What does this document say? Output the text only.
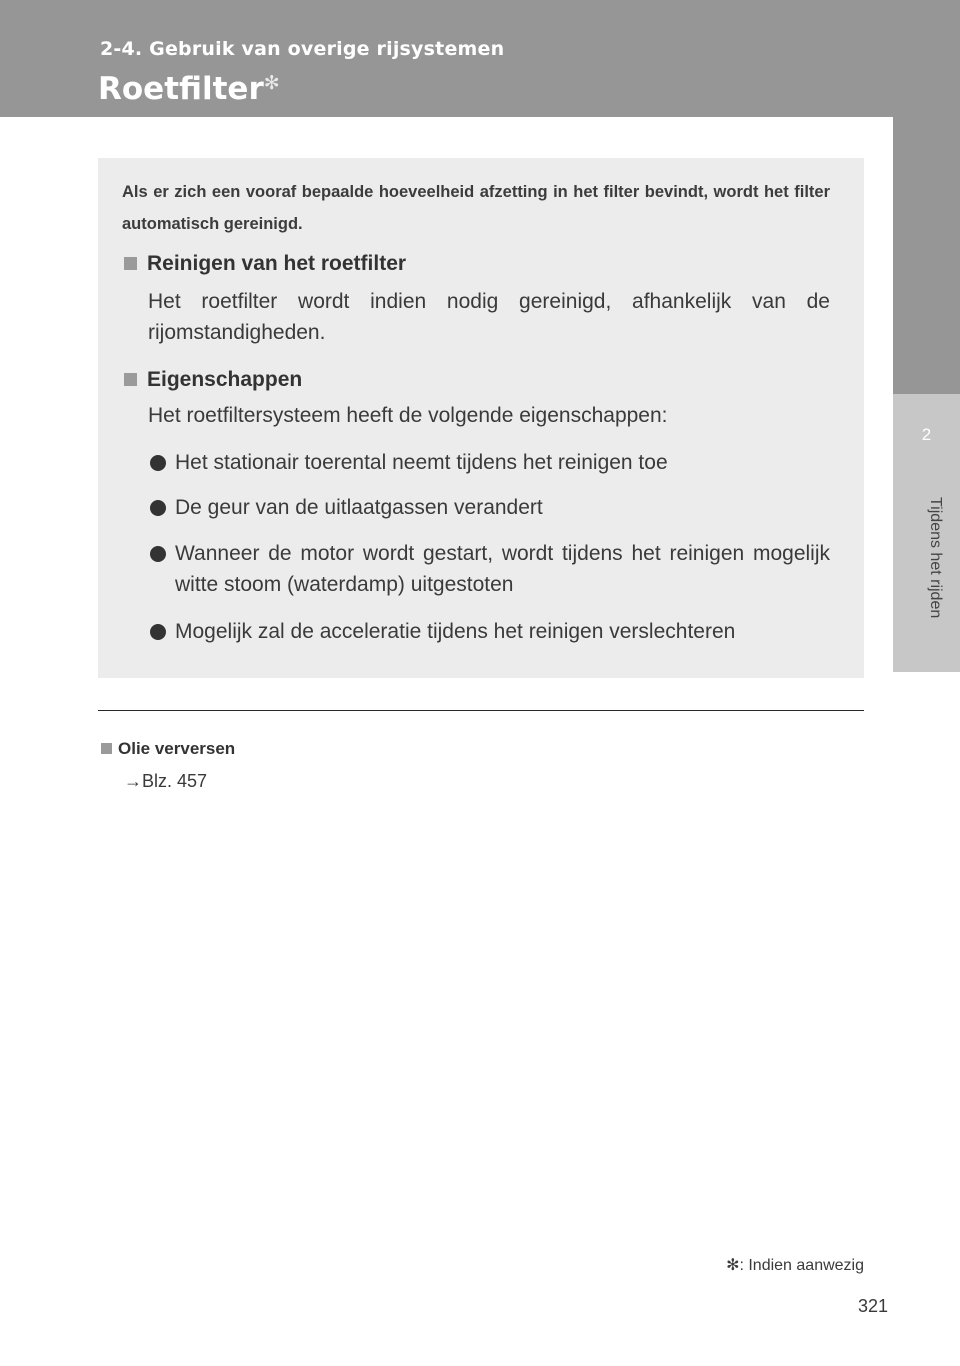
2-4. Gebruik van overige rijsystemen
Roetfilter✻
2
Tijdens het rijden
Als er zich een vooraf bepaalde hoeveelheid afzetting in het filter bevindt, wordt het filter automatisch gereinigd.
Reinigen van het roetfilter
Het roetfilter wordt indien nodig gereinigd, afhankelijk van de rijomstandigheden.
Eigenschappen
Het roetfiltersysteem heeft de volgende eigenschappen:
Het stationair toerental neemt tijdens het reinigen toe
De geur van de uitlaatgassen verandert
Wanneer de motor wordt gestart, wordt tijdens het reinigen mogelijk witte stoom (waterdamp) uitgestoten
Mogelijk zal de acceleratie tijdens het reinigen verslechteren
Olie verversen
→Blz. 457
✻: Indien aanwezig
321
